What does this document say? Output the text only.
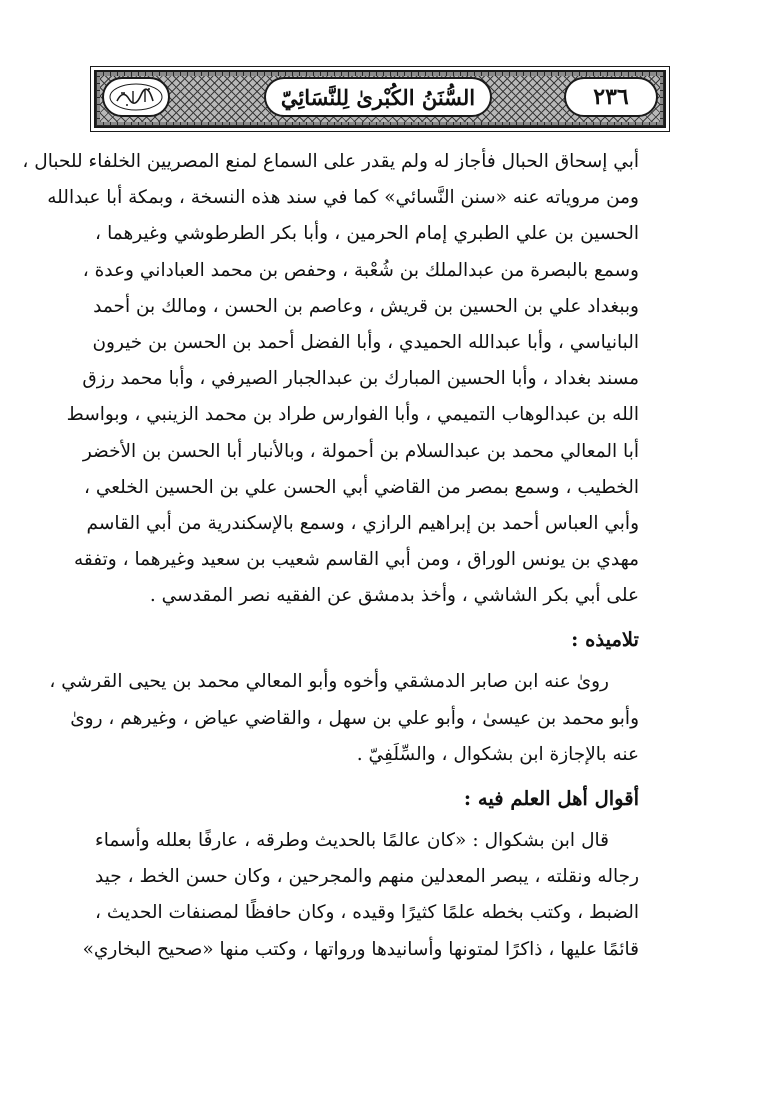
٢٣٦
السُّنَنُ الكُبْرىٰ لِلنَّسَائِيّ
أبي إسحاق الحبال فأجاز له ولم يقدر على السماع لمنع المصريين الخلفاء للحبال ،
ومن مروياته عنه «سنن النَّسائي» كما في سند هذه النسخة ، وبمكة أبا عبدالله
الحسين بن علي الطبري إمام الحرمين ، وأبا بكر الطرطوشي وغيرهما ،
وسمع بالبصرة من عبدالملك بن شُعْبة ، وحفص بن محمد العباداني وعدة ،
وببغداد علي بن الحسين بن قريش ، وعاصم بن الحسن ، ومالك بن أحمد
البانياسي ، وأبا عبدالله الحميدي ، وأبا الفضل أحمد بن الحسن بن خيرون
مسند بغداد ، وأبا الحسين المبارك بن عبدالجبار الصيرفي ، وأبا محمد رزق
الله بن عبدالوهاب التميمي ، وأبا الفوارس طراد بن محمد الزينبي ، وبواسط
أبا المعالي محمد بن عبدالسلام بن أحمولة ، وبالأنبار أبا الحسن بن الأخضر
الخطيب ، وسمع بمصر من القاضي أبي الحسن علي بن الحسين الخلعي ،
وأبي العباس أحمد بن إبراهيم الرازي ، وسمع بالإسكندرية من أبي القاسم
مهدي بن يونس الوراق ، ومن أبي القاسم شعيب بن سعيد وغيرهما ، وتفقه
على أبي بكر الشاشي ، وأخذ بدمشق عن الفقيه نصر المقدسي .
تلاميذه :
روىٰ عنه ابن صابر الدمشقي وأخوه وأبو المعالي محمد بن يحيى القرشي ،
وأبو محمد بن عيسىٰ ، وأبو علي بن سهل ، والقاضي عياض ، وغيرهم ، روىٰ
عنه بالإجازة ابن بشكوال ، والسِّلَفِيّ .
أقوال أهل العلم فيه :
قال ابن بشكوال : «كان عالمًا بالحديث وطرقه ، عارفًا بعلله وأسماء
رجاله ونقلته ، يبصر المعدلين منهم والمجرحين ، وكان حسن الخط ، جيد
الضبط ، وكتب بخطه علمًا كثيرًا وقيده ، وكان حافظًا لمصنفات الحديث ،
قائمًا عليها ، ذاكرًا لمتونها وأسانيدها ورواتها ، وكتب منها «صحيح البخاري»
